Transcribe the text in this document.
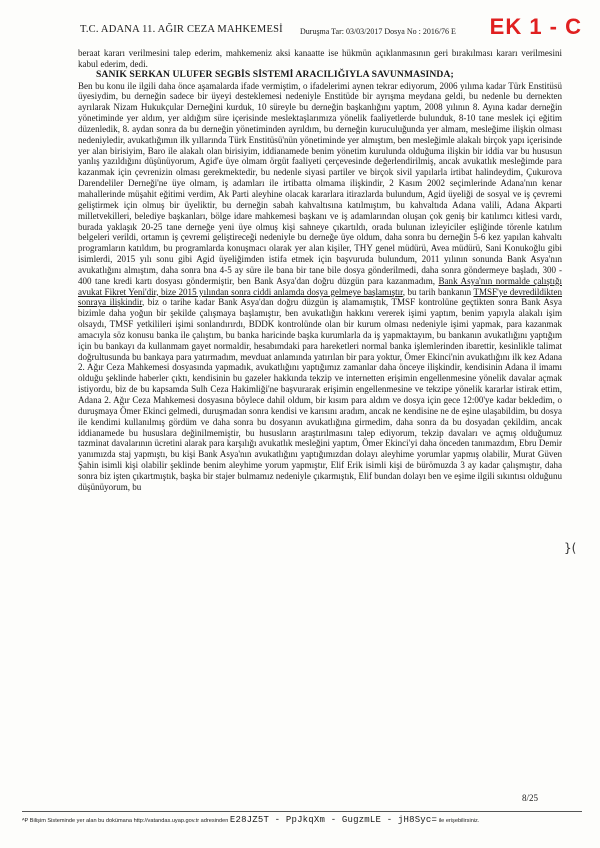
T.C. ADANA 11. AĞIR CEZA MAHKEMESİ Duruşma Tar: 03/03/2017 Dosya No : 2016/76 E EK 1 - C

beraat kararı verilmesini talep ederim, mahkemeniz aksi kanaatte ise hükmün açıklanmasının geri bırakılması kararı verilmesini kabul ederim, dedi.

SANIK SERKAN ULUFER SEGBİS SİSTEMİ ARACILIĞIYLA SAVUNMASINDA;

Ben bu konu ile ilgili daha önce aşamalarda ifade vermiştim, o ifadelerimi aynen tekrar ediyorum, 2006 yılıma kadar Türk Enstitüsü üyesiydim, bu derneğin sadece bir üyeyi desteklemesi nedeniyle Enstitüde bir ayrışma meydana geldi, bu nedenle bu dernekten ayrılarak Nizam Hukukçular Derneğini kurduk, 10 süreyle bu derneğin başkanlığını yaptım, 2008 yılının 8. Ayına kadar derneğin yönetiminde yer aldım, yer aldığım süre içerisinde meslektaşlarımıza yönelik faaliyetlerde bulunduk, 8-10 tane meslek içi eğitim düzenledik, 8. aydan sonra da bu derneğin yönetiminden ayrıldım, bu derneğin kuruculuğunda yer almam, mesleğime ilişkin olması nedeniyledir, avukatlığımın ilk yıllarında Türk Enstitüsü'nün yönetiminde yer almıştım, ben mesleğimle alakalı birçok yapı içerisinde yer alan birisiyim, Baro ile alakalı olan birisiyim, iddianamede benim yönetim kurulunda olduğuma ilişkin bir iddia var bu hususun yanlış yazıldığını düşünüyorum, Agid'e üye olmam örgüt faaliyeti çerçevesinde değerlendirilmiş, ancak avukatlık mesleğimde para kazanmak için çevrenizin olması gerekmektedir, bu nedenle siyasi partiler ve birçok sivil yapılarla irtibat halindeydim, Çukurova Darendeliler Derneği'ne üye olmam, iş adamları ile irtibatta olmama ilişkindir, 2 Kasım 2002 seçimlerinde Adana'nın kenar mahallerinde müşahit eğitimi verdim, Ak Parti aleyhine olacak kararlara itirazlarda bulundum, Agid üyeliği de sosyal ve iş çevremi geliştirmek için olmuş bir üyeliktir, bu derneğin sabah kahvaltısına katılmıştım, bu kahvaltıda Adana valili, Adana Akparti milletvekilleri, belediye başkanları, bölge idare mahkemesi başkanı ve iş adamlarından oluşan çok geniş bir katılımcı kitlesi vardı, burada yaklaşık 20-25 tane derneğe yeni üye olmuş kişi sahneye çıkartıldı, orada bulunan izleyiciler eşliğinde törenle katılım belgeleri verildi, ortamın iş çevremi geliştireceği nedeniyle bu derneğe üye oldum, daha sonra bu derneğin 5-6 kez yapılan kahvaltı programların katıldım, bu programlarda konuşmacı olarak yer alan kişiler, THY genel müdürü, Avea müdürü, Sani Konukoğlu gibi isimlerdi, 2015 yılı sonu gibi Agid üyeliğimden istifa etmek için başvuruda bulundum, 2011 yılının sonunda Bank Asya'nın avukatlığını almıştım, daha sonra bna 4-5 ay süre ile bana bir tane bile dosya gönderilmedi, daha sonra göndermeye başladı, 300 - 400 tane kredi kartı dosyası göndermiştir, ben Bank Asya'dan doğru düzgün para kazanmadım, Bank Asya'nın normalde çalıştığı avukat Fikret Yeni'dir, bize 2015 yılından sonra ciddi anlamda dosya gelmeye başlamıştır, bu tarih bankanın TMSF'ye devredildikten sonraya ilişkindir, biz o tarihe kadar Bank Asya'dan doğru düzgün iş alamamıştık, TMSF kontrolüne geçtikten sonra Bank Asya bizimle daha yoğun bir şekilde çalışmaya başlamıştır, ben avukatlığın hakkını vererek işimi yaptım, benim yapıyla alakalı işim olsaydı, TMSF yetkilileri işimi sonlandırırdı, BDDK kontrolünde olan bir kurum olması nedeniyle işimi yapmak, para kazanmak amacıyla söz konusu banka ile çalıştım, bu banka haricinde başka kurumlarla da iş yapmaktayım, bu bankanın avukatlığını yaptığım için bu bankayı da kullanmam gayet normaldir, hesabımdaki para hareketleri normal banka işlemlerinden ibarettir, kesinlikle talimat doğrultusunda bu bankaya para yatırmadım, mevduat anlamında yatırılan bir para yoktur, Ömer Ekinci'nin avukatlığını ilk kez Adana 2. Ağır Ceza Mahkemesi dosyasında yapmadık, avukatlığını yaptığımız zamanlar daha önceye ilişkindir, kendisinin Adana il imamı olduğu şeklinde haberler çıktı, kendisinin bu gazeler hakkında tekzip ve internetten erişimin engellenmesine yönelik davalar açmak istiyordu, biz de bu kapsamda Sulh Ceza Hakimliği'ne başvurarak erişimin engellenmesine ve tekzipe yönelik kararlar istirak ettim, Adana 2. Ağır Ceza Mahkemesi dosyasına böylece dahil oldum, bir kısım para aldım ve dosya için gece 12:00'ye kadar bekledim, o duruşmaya Ömer Ekinci gelmedi, duruşmadan sonra kendisi ve karısını aradım, ancak ne kendisine ne de eşine ulaşabildim, bu dosya ile kendimi kullanılmış gördüm ve daha sonra bu dosyanın avukatlığına girmedim, daha sonra da bu dosyadan çekildim, ancak iddianamede bu hususlara değinilmemiştir, bu hususların araştırılmasını talep ediyorum, tekzip davaları ve açmış olduğumuz tazminat davalarının ücretini alarak para karşılığı avukatlık mesleğini yaptım, Ömer Ekinci'yi daha önceden tanımazdım, Ebru Demir yanımızda staj yapmıştı, bu kişi Bank Asya'nın avukatlığını yaptığımızdan dolayı aleyhime yorumlar yapmış olabilir, Murat Güven Şahin isimli kişi olabilir şeklinde benim aleyhime yorum yapmıştır, Elif Erik isimli kişi de bürömuzda 3 ay kadar çalışmıştır, daha sonra biz işten çıkartmıştık, başka bir stajer bulmamız nedeniyle çıkarmıştık, Elif bundan dolayı ben ve eşime ilgili sıkıntısı olduğunu düşünüyorum, bu

}(
8/25
ᴬP Bilişim Sisteminde yer alan bu dokümana http://vatandas.uyap.gov.tr adresinden E28JZ5T - PpJkqXm - GugzmLE - jH8Syc= ile erişebilirsiniz.
